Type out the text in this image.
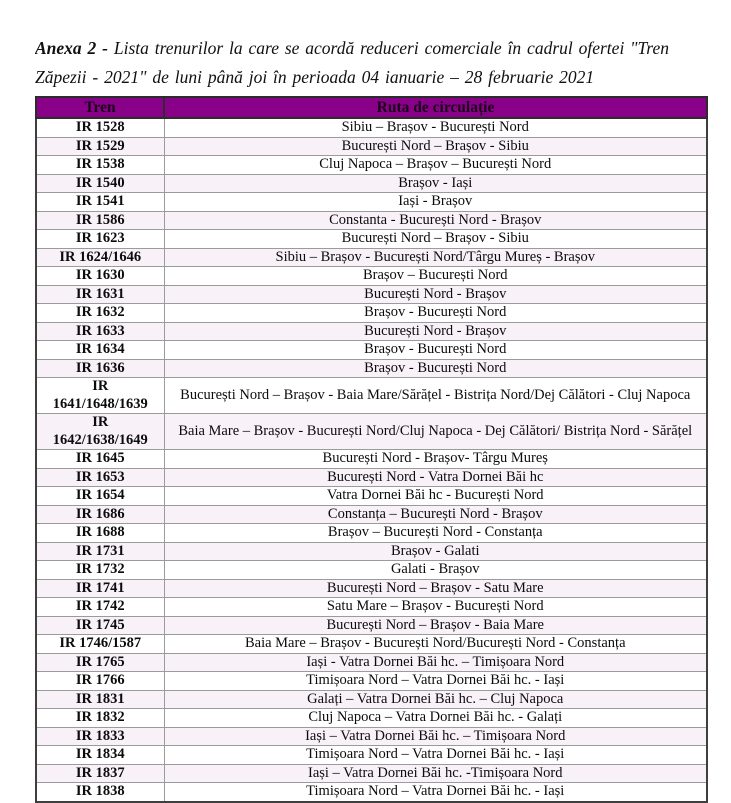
Anexa 2 - Lista trenurilor la care se acordă reduceri comerciale în cadrul ofertei "Tren
Zăpezii - 2021" de luni până joi în perioada 04 ianuarie – 28 februarie 2021
Tren	Ruta de circulație
IR 1528	Sibiu – Brașov - București Nord
IR 1529	București Nord – Brașov - Sibiu
IR 1538	Cluj Napoca – Brașov – București Nord
IR 1540	Brașov - Iași
IR 1541	Iași - Brașov
IR 1586	Constanta - București Nord - Brașov
IR 1623	București Nord – Brașov - Sibiu
IR 1624/1646	Sibiu – Brașov - București Nord/Târgu Mureș - Brașov
IR 1630	Brașov – București Nord
IR 1631	București Nord - Brașov
IR 1632	Brașov - București Nord
IR 1633	București Nord - Brașov
IR 1634	Brașov - București Nord
IR 1636	Brașov - București Nord
IR 1641/1648/1639	București Nord – Brașov - Baia Mare/Sărățel - Bistrița Nord/Dej Călători - Cluj Napoca
IR 1642/1638/1649	Baia Mare – Brașov - București Nord/Cluj Napoca - Dej Călători/ Bistrița Nord - Sărățel
IR 1645	București Nord - Brașov- Târgu Mureș
IR 1653	București Nord - Vatra Dornei Băi hc
IR 1654	Vatra Dornei Băi hc - București Nord
IR 1686	Constanța – București Nord - Brașov
IR 1688	Brașov – București Nord - Constanța
IR 1731	Brașov - Galati
IR 1732	Galati - Brașov
IR 1741	București Nord – Brașov - Satu Mare
IR 1742	Satu Mare – Brașov - București Nord
IR 1745	București Nord – Brașov - Baia Mare
IR 1746/1587	Baia Mare – Brașov - București Nord/București Nord - Constanța
IR 1765	Iași - Vatra Dornei Băi hc. – Timișoara Nord
IR 1766	Timișoara Nord – Vatra Dornei Băi hc. - Iași
IR 1831	Galați – Vatra Dornei Băi hc. – Cluj Napoca
IR 1832	Cluj Napoca – Vatra Dornei Băi hc. - Galați
IR 1833	Iași – Vatra Dornei Băi hc. – Timișoara Nord
IR 1834	Timișoara Nord – Vatra Dornei Băi hc. - Iași
IR 1837	Iași – Vatra Dornei Băi hc. -Timișoara Nord
IR 1838	Timișoara Nord – Vatra Dornei Băi hc. - Iași
